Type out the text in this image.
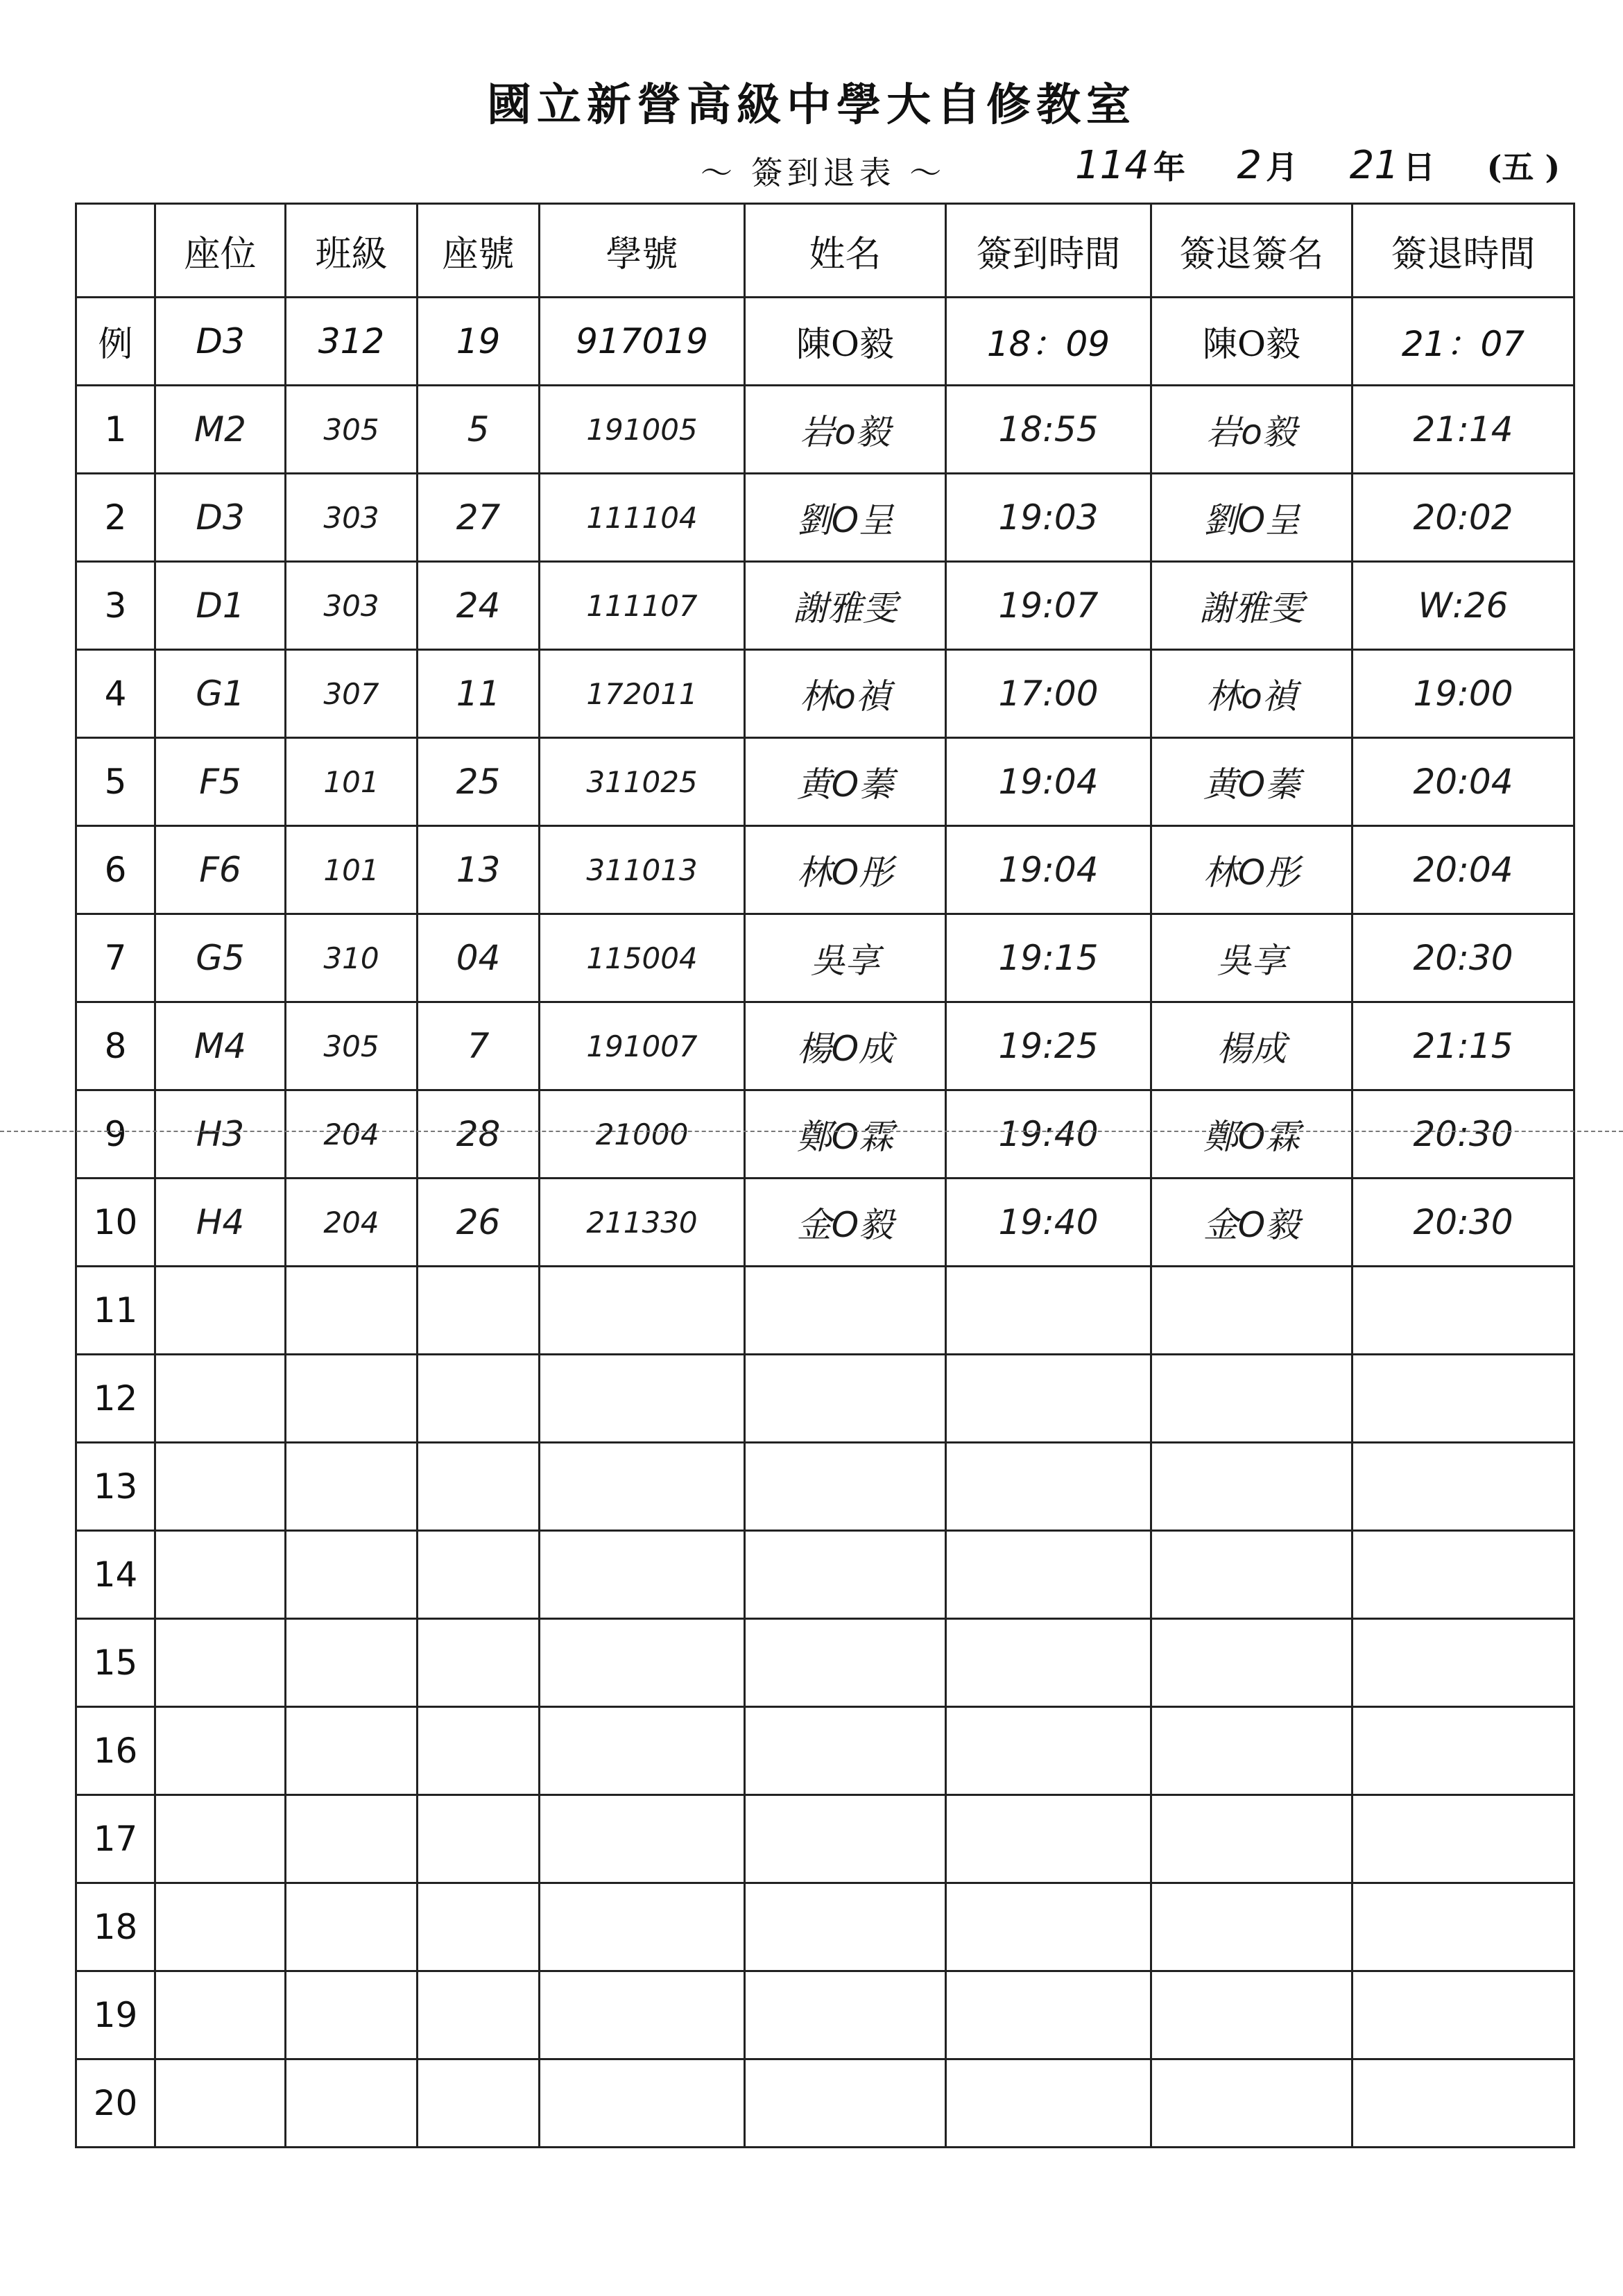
國立新營高級中學大自修教室
～ 簽到退表 ～	114 年 2 月 21 日 (五 )
	座位	班級	座號	學號	姓名	簽到時間	簽退簽名	簽退時間
例	D3	312	19	917019	陳O毅	18：09	陳O毅	21：07
1	M2	305	5	191005	岩o毅	18:55	岩o毅	21:14
2	D3	303	27	111104	劉O呈	19:03	劉O呈	20:02
3	D1	303	24	111107	謝雅雯	19:07	謝雅雯	W:26
4	G1	307	11	172011	林o禎	17:00	林o禎	19:00
5	F5	101	25	311025	黄O蓁	19:04	黄O蓁	20:04
6	F6	101	13	311013	林O彤	19:04	林O彤	20:04
7	G5	310	04	115004	吳享	19:15	吳享	20:30
8	M4	305	7	191007	楊O成	19:25	楊成	21:15
9	H3	204	28	21000	鄭O霖	19:40	鄭O霖	20:30
10	H4	204	26	211330	金O毅	19:40	金O毅	20:30
11								
12								
13								
14								
15								
16								
17								
18								
19								
20								
